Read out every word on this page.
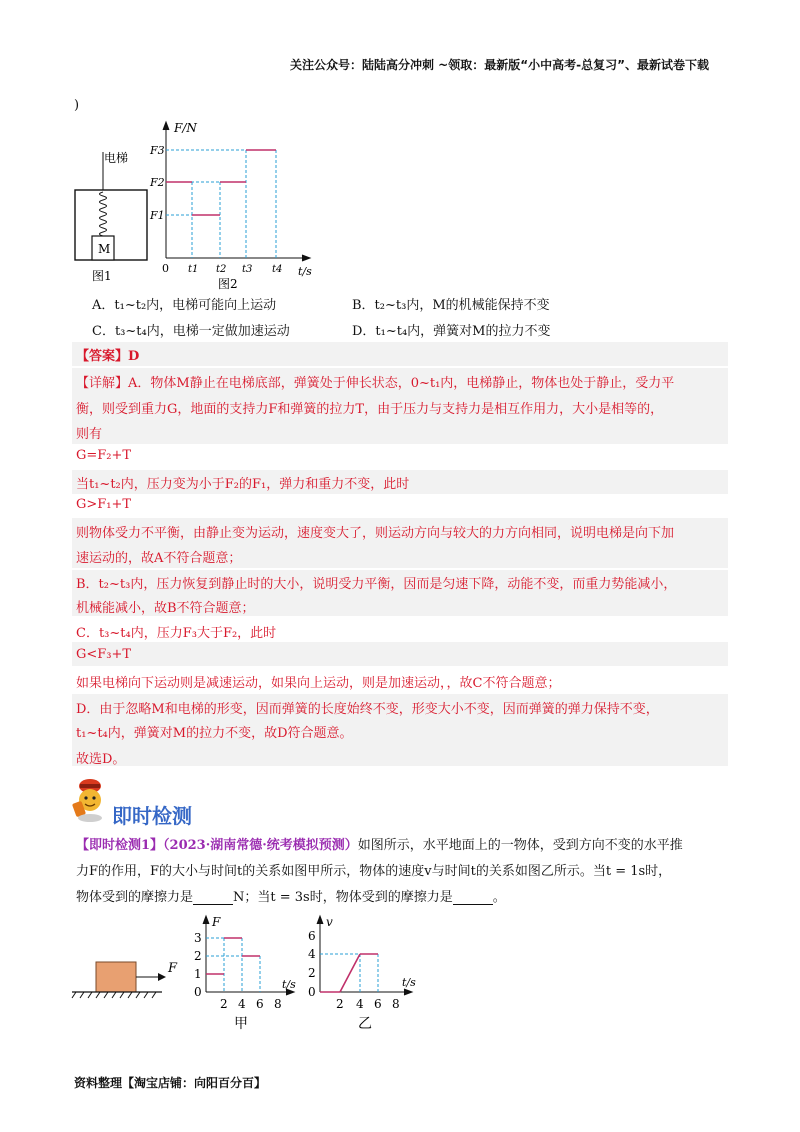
关注公众号：陆陆高分冲刺 ~领取：最新版“小中高考-总复习”、最新试卷下载
)
电梯
M
图1
F/N
t/s
F3
F2
F1
0 t1 t2 t3 t4
图2
A．t₁~t₂内，电梯可能向上运动	B．t₂~t₃内，M的机械能保持不变
C．t₃~t₄内，电梯一定做加速运动	D．t₁~t₄内，弹簧对M的拉力不变
【答案】D
【详解】A．物体M静止在电梯底部，弹簧处于伸长状态，0~t₁内，电梯静止，物体也处于静止，受力平
衡，则受到重力G，地面的支持力F和弹簧的拉力T，由于压力与支持力是相互作用力，大小是相等的，
则有
G=F₂+T
当t₁~t₂内，压力变为小于F₂的F₁，弹力和重力不变，此时
G>F₁+T
则物体受力不平衡，由静止变为运动，速度变大了，则运动方向与较大的力方向相同，说明电梯是向下加
速运动的，故A不符合题意；
B．t₂~t₃内，压力恢复到静止时的大小，说明受力平衡，因而是匀速下降，动能不变，而重力势能减小，
机械能减小，故B不符合题意；
C．t₃~t₄内，压力F₃大于F₂，此时
G<F₃+T
如果电梯向下运动则是减速运动，如果向上运动，则是加速运动，，故C不符合题意；
D．由于忽略M和电梯的形变，因而弹簧的长度始终不变，形变大小不变，因而弹簧的弹力保持不变，
t₁~t₄内，弹簧对M的拉力不变，故D符合题意。
故选D。
即时检测
【即时检测1】（2023·湖南常德·统考模拟预测）如图所示，水平地面上的一物体，受到方向不变的水平推
力F的作用，F的大小与时间t的关系如图甲所示，物体的速度v与时间t的关系如图乙所示。当t = 1s时，
物体受到的摩擦力是	N；当t = 3s时，物体受到的摩擦力是	。
F
F
t/s
3
2
1
0
2 4 6 8
甲
v
t/s
6
4
2
0
2 4 6 8
乙
资料整理【淘宝店铺：向阳百分百】
